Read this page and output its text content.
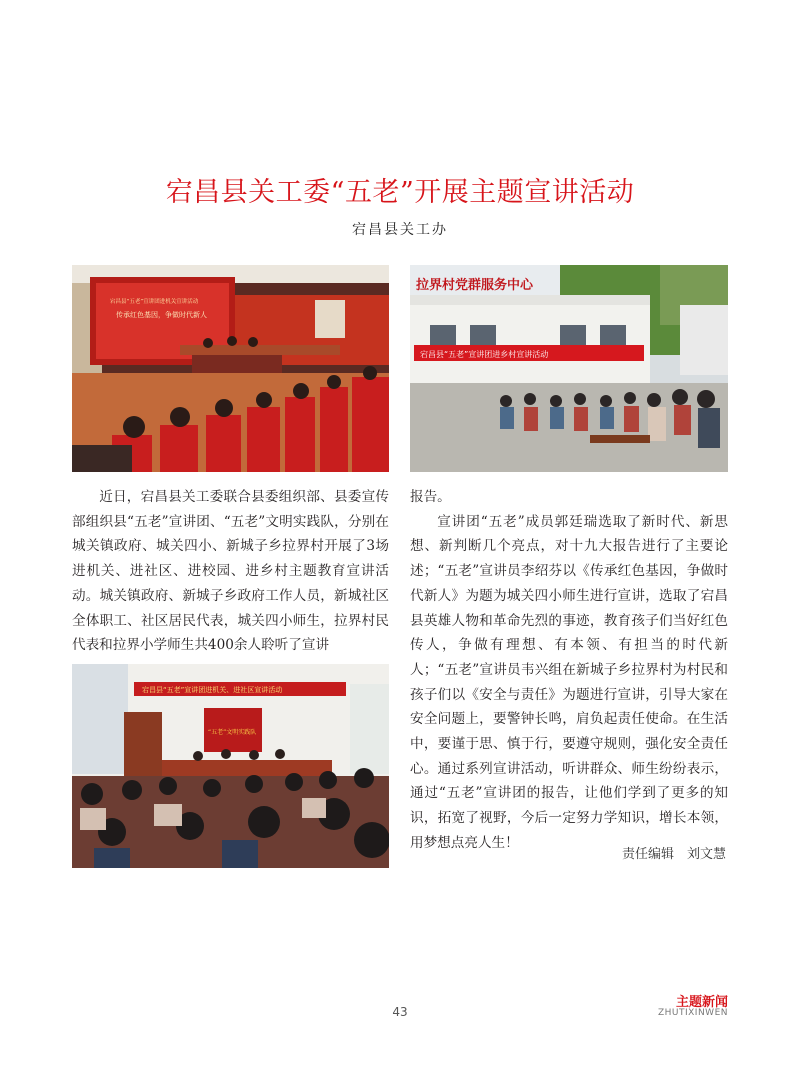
宕昌县关工委“五老”开展主题宣讲活动
宕昌县关工办
宕昌县“五老”宣讲团进机关宣讲活动
传承红色基因，争做时代新人
拉界村党群服务中心
宕昌县“五老”宣讲团进乡村宣讲活动
宕昌县“五老”宣讲团进机关、进社区宣讲活动
“五老”文明实践队

近日，宕昌县关工委联合县委组织部、县委宣传部组织县“五老”宣讲团、“五老”文明实践队，分别在城关镇政府、城关四小、新城子乡拉界村开展了3场进机关、进社区、进校园、进乡村主题教育宣讲活动。城关镇政府、新城子乡政府工作人员，新城社区全体职工、社区居民代表，城关四小师生，拉界村民代表和拉界小学师生共400余人聆听了宣讲

报告。

宣讲团“五老”成员郭廷瑞选取了新时代、新思想、新判断几个亮点，对十九大报告进行了主要论述；“五老”宣讲员李绍芬以《传承红色基因，争做时代新人》为题为城关四小师生进行宣讲，选取了宕昌县英雄人物和革命先烈的事迹，教育孩子们当好红色传人，争做有理想、有本领、有担当的时代新人；“五老”宣讲员韦兴组在新城子乡拉界村为村民和孩子们以《安全与责任》为题进行宣讲，引导大家在安全问题上，要警钟长鸣，肩负起责任使命。在生活中，要谨于思、慎于行，要遵守规则，强化安全责任心。通过系列宣讲活动，听讲群众、师生纷纷表示，通过“五老”宣讲团的报告，让他们学到了更多的知识，拓宽了视野，今后一定努力学知识，增长本领，用梦想点亮人生！

责任编辑　刘文慧
43
主题新闻
ZHUTIXINWEN
